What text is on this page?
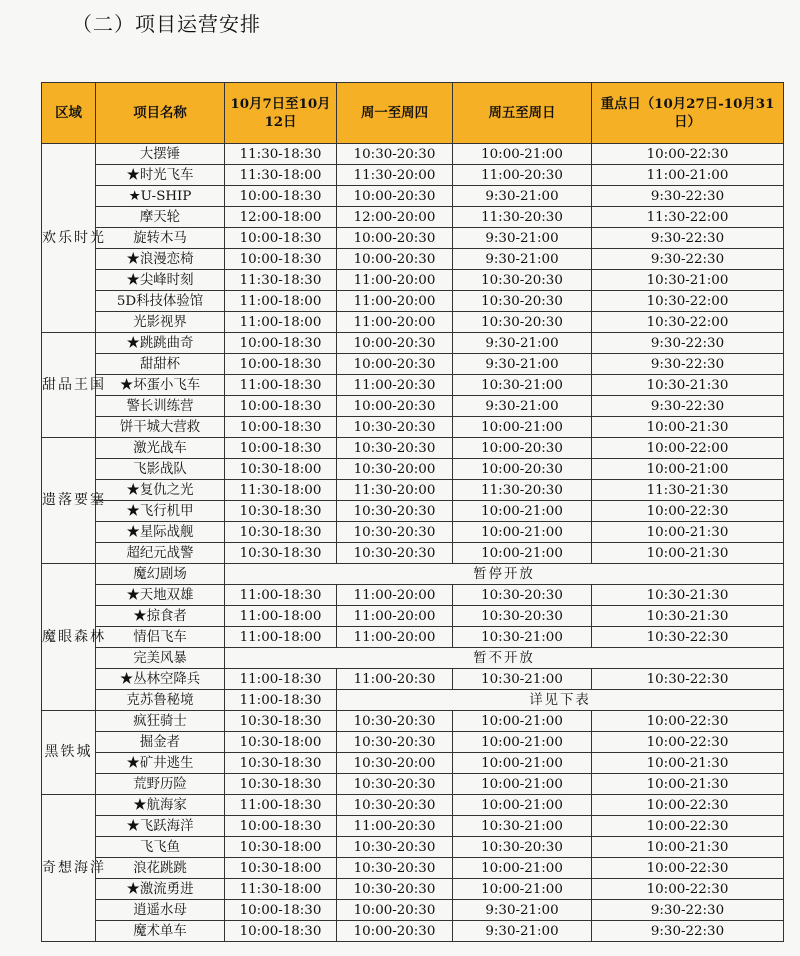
（二）项目运营安排
区域	项目名称	10月7日至10月12日	周一至周四	周五至周日	重点日（10月27日-10月31日）
欢乐时光	大摆锤	11:30-18:30	10:30-20:30	10:00-21:00	10:00-22:30
	★时光飞车	11:30-18:00	11:30-20:00	11:00-20:30	11:00-21:00
	★U-SHIP	10:00-18:30	10:00-20:30	9:30-21:00	9:30-22:30
	摩天轮	12:00-18:00	12:00-20:00	11:30-20:30	11:30-22:00
	旋转木马	10:00-18:30	10:00-20:30	9:30-21:00	9:30-22:30
	★浪漫恋椅	10:00-18:30	10:00-20:30	9:30-21:00	9:30-22:30
	★尖峰时刻	11:30-18:30	11:00-20:00	10:30-20:30	10:30-21:00
	5D科技体验馆	11:00-18:00	11:00-20:00	10:30-20:30	10:30-22:00
	光影视界	11:00-18:00	11:00-20:00	10:30-20:30	10:30-22:00
甜品王国	★跳跳曲奇	10:00-18:30	10:00-20:30	9:30-21:00	9:30-22:30
	甜甜杯	10:00-18:30	10:00-20:30	9:30-21:00	9:30-22:30
	★坏蛋小飞车	11:00-18:30	11:00-20:30	10:30-21:00	10:30-21:30
	警长训练营	10:00-18:30	10:00-20:30	9:30-21:00	9:30-22:30
	饼干城大营救	10:00-18:30	10:30-20:30	10:00-21:00	10:00-21:30
遗落要塞	激光战车	10:00-18:30	10:30-20:30	10:00-20:30	10:00-22:00
	飞影战队	10:30-18:00	10:30-20:00	10:00-20:30	10:00-21:00
	★复仇之光	11:30-18:00	11:30-20:00	11:30-20:30	11:30-21:30
	★飞行机甲	10:30-18:30	10:30-20:30	10:00-21:00	10:00-22:30
	★星际战舰	10:30-18:30	10:30-20:30	10:00-21:00	10:00-21:30
	超纪元战警	10:30-18:30	10:30-20:30	10:00-21:00	10:00-21:30
魔眼森林	魔幻剧场	暂停开放			
	★天地双雄	11:00-18:30	11:00-20:00	10:30-20:30	10:30-21:30
	★掠食者	11:00-18:00	11:00-20:00	10:30-20:30	10:30-21:30
	情侣飞车	11:00-18:00	11:00-20:00	10:30-21:00	10:30-22:30
	完美风暴	暂不开放			
	★丛林空降兵	11:00-18:30	11:00-20:30	10:30-21:00	10:30-22:30
	克苏鲁秘境	11:00-18:30	详见下表		
黑铁城	疯狂骑士	10:30-18:30	10:30-20:30	10:00-21:00	10:00-22:30
	掘金者	10:30-18:00	10:30-20:30	10:00-21:00	10:00-22:30
	★矿井逃生	10:30-18:30	10:30-20:00	10:00-21:00	10:00-21:30
	荒野历险	10:30-18:30	10:30-20:30	10:00-21:00	10:00-21:30
奇想海洋	★航海家	11:00-18:30	10:30-20:30	10:00-21:00	10:00-22:30
	★飞跃海洋	10:00-18:30	11:00-20:30	10:30-21:00	10:00-22:30
	飞飞鱼	10:30-18:00	10:30-20:30	10:30-20:30	10:00-21:30
	浪花跳跳	10:30-18:00	10:30-20:30	10:00-21:00	10:00-22:30
	★激流勇进	11:30-18:00	10:30-20:30	10:00-21:00	10:00-22:30
	逍遥水母	10:00-18:30	10:00-20:30	9:30-21:00	9:30-22:30
	魔术单车	10:00-18:30	10:00-20:30	9:30-21:00	9:30-22:30
